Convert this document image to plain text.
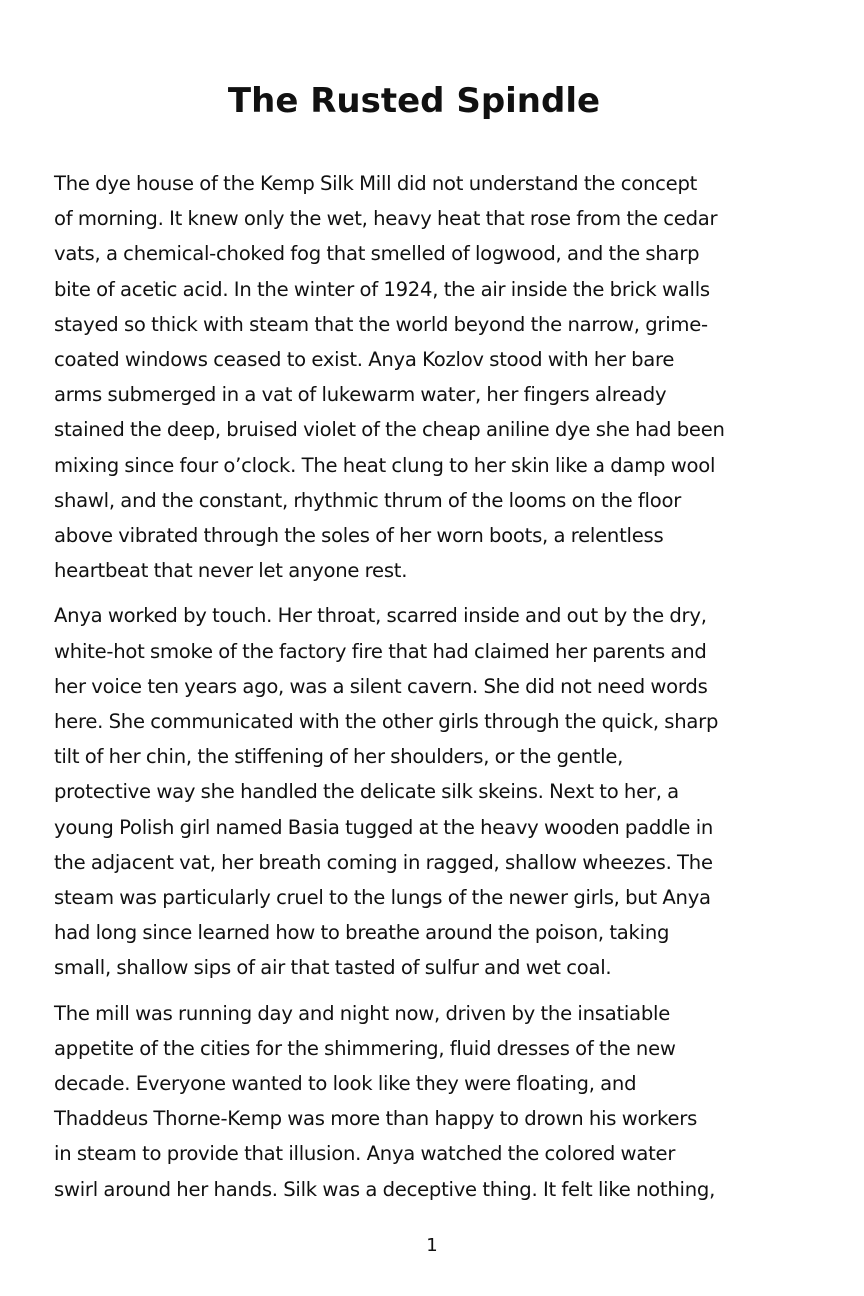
The Rusted Spindle

The dye house of the Kemp Silk Mill did not understand the concept
of morning. It knew only the wet, heavy heat that rose from the cedar
vats, a chemical-choked fog that smelled of logwood, and the sharp
bite of acetic acid. In the winter of 1924, the air inside the brick walls
stayed so thick with steam that the world beyond the narrow, grime-
coated windows ceased to exist. Anya Kozlov stood with her bare
arms submerged in a vat of lukewarm water, her fingers already
stained the deep, bruised violet of the cheap aniline dye she had been
mixing since four o’clock. The heat clung to her skin like a damp wool
shawl, and the constant, rhythmic thrum of the looms on the floor
above vibrated through the soles of her worn boots, a relentless
heartbeat that never let anyone rest.

Anya worked by touch. Her throat, scarred inside and out by the dry,
white-hot smoke of the factory fire that had claimed her parents and
her voice ten years ago, was a silent cavern. She did not need words
here. She communicated with the other girls through the quick, sharp
tilt of her chin, the stiffening of her shoulders, or the gentle,
protective way she handled the delicate silk skeins. Next to her, a
young Polish girl named Basia tugged at the heavy wooden paddle in
the adjacent vat, her breath coming in ragged, shallow wheezes. The
steam was particularly cruel to the lungs of the newer girls, but Anya
had long since learned how to breathe around the poison, taking
small, shallow sips of air that tasted of sulfur and wet coal.

The mill was running day and night now, driven by the insatiable
appetite of the cities for the shimmering, fluid dresses of the new
decade. Everyone wanted to look like they were floating, and
Thaddeus Thorne-Kemp was more than happy to drown his workers
in steam to provide that illusion. Anya watched the colored water
swirl around her hands. Silk was a deceptive thing. It felt like nothing,

1
